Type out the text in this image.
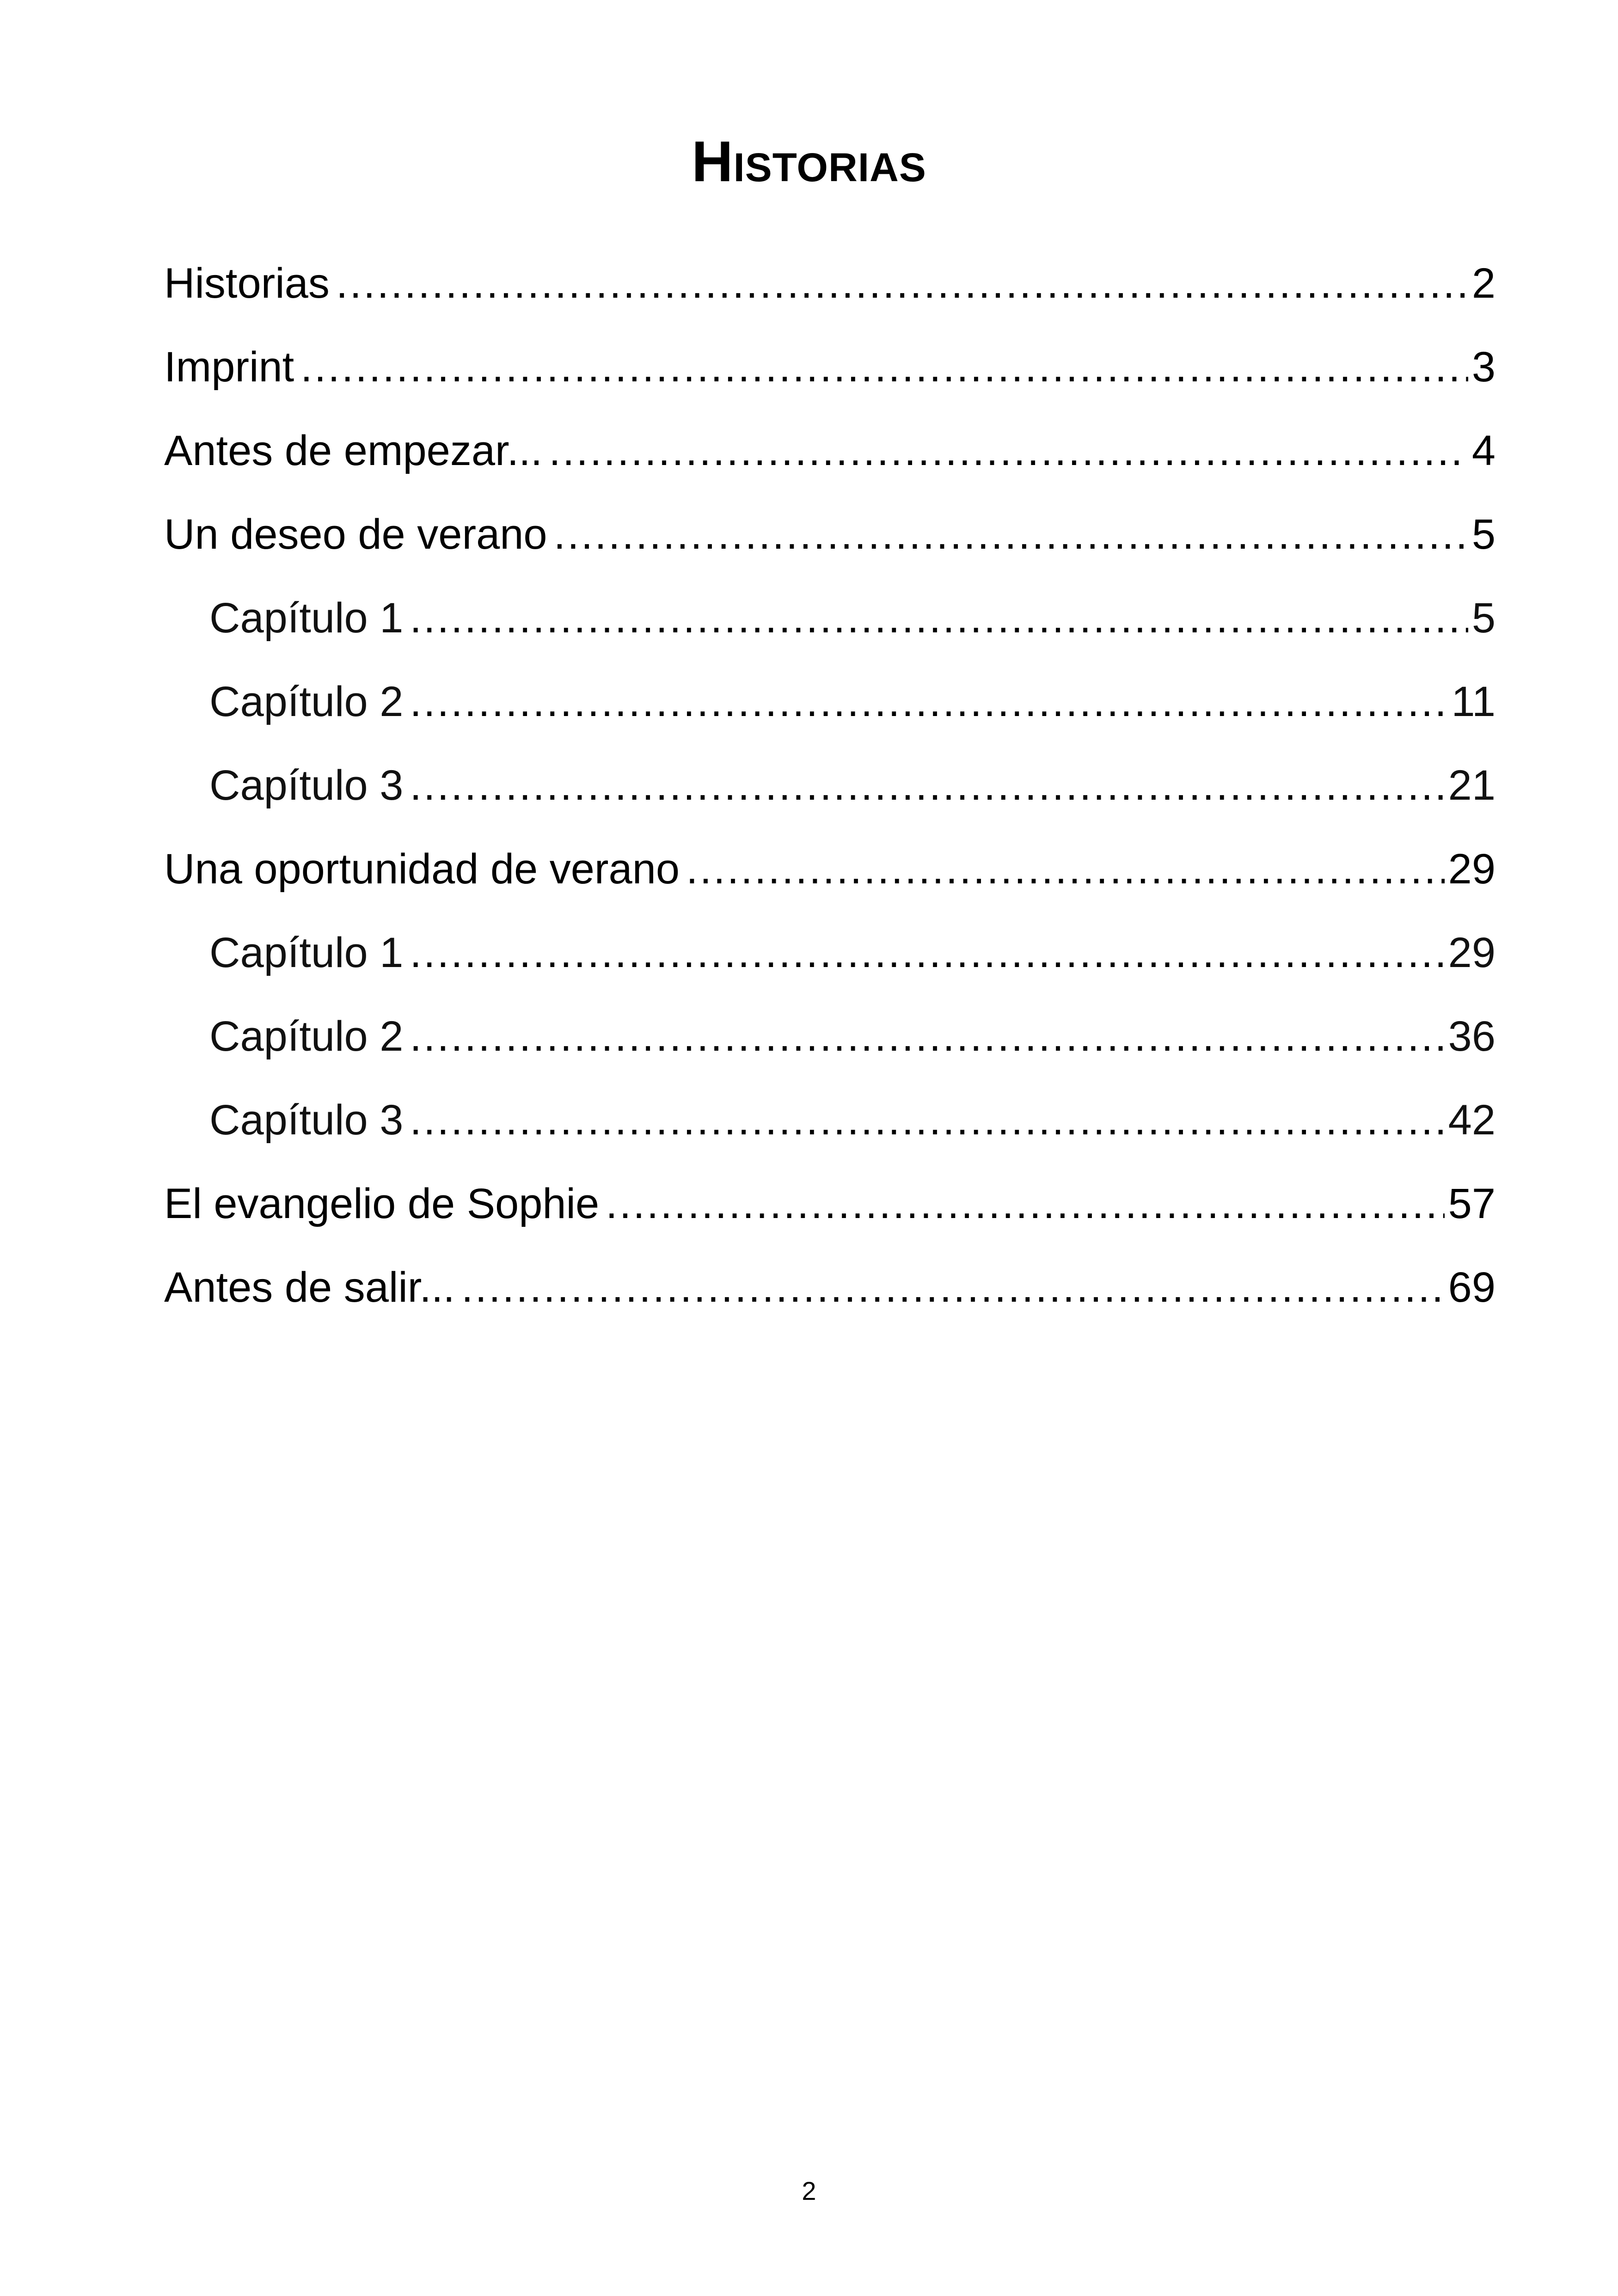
Historias
Historias .....	2
Imprint .....	3
Antes de empezar... .....	4
Un deseo de verano .....	5
Capítulo 1 .....	5
Capítulo 2 .....	11
Capítulo 3 .....	21
Una oportunidad de verano .....	29
Capítulo 1 .....	29
Capítulo 2 .....	36
Capítulo 3 .....	42
El evangelio de Sophie .....	57
Antes de salir... .....	69
2
